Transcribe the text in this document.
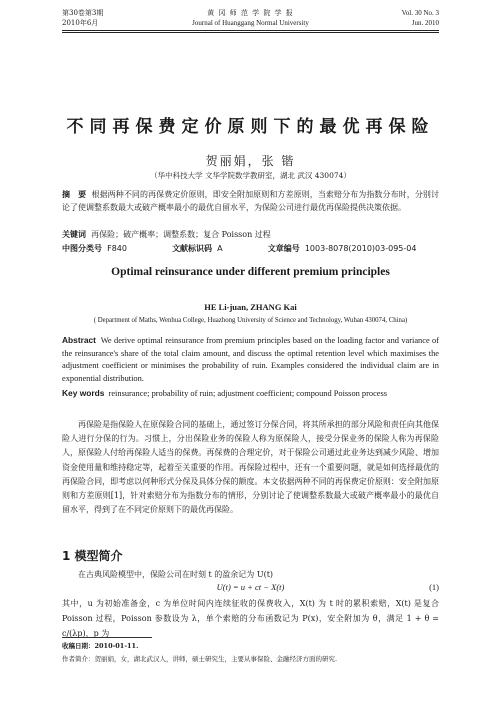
第30卷第3期
2010年6月
黄 冈 师 范 学 院 学 报
Journal of Huanggang Normal University
Vol. 30 No. 3
Jun. 2010
不同再保费定价原则下的最优再保险
贺丽娟，张 锴
（华中科技大学 文华学院数学教研室，湖北 武汉 430074）
摘　要 根据两种不同的再保费定价原则，即安全附加原则和方差原则，当索赔分布为指数分布时，分别讨论了使调整系数最大或破产概率最小的最优自留水平，为保险公司进行最优再保险提供决策依据。
关键词 再保险；破产概率；调整系数；复合 Poisson 过程
中图分类号 F840	文献标识码 A	文章编号 1003-8078(2010)03-095-04
Optimal reinsurance under different premium principles
HE Li-juan, ZHANG Kai
( Department of Maths, Wenhua College, Huazhong University of Science and Technology, Wuhan 430074, China)
Abstract We derive optimal reinsurance from premium principles based on the loading factor and variance of the reinsurance's share of the total claim amount, and discuss the optimal retention level which maximises the adjustment coefficient or minimises the probability of ruin. Examples considered the individual claim are in exponential distribution.
Key words reinsurance; probability of ruin; adjustment coefficient; compound Poisson process
再保险是指保险人在原保险合同的基础上，通过签订分保合同，将其所承担的部分风险和责任向其他保险人进行分保的行为。习惯上，分出保险业务的保险人称为原保险人，接受分保业务的保险人称为再保险人，原保险人付给再保险人适当的保费。再保费的合理定价，对于保险公司通过此业务达到减少风险、增加资金使用量和维持稳定等，起着至关重要的作用。再保险过程中，还有一个重要问题，就是如何选择最优的再保险合同，即考虑以何种形式分保及具体分保的额度。本文依据两种不同的再保费定价原则：安全附加原则和方差原则[1]，针对索赔分布为指数分布的情形，分别讨论了使调整系数最大或破产概率最小的最优自留水平，得到了在不同定价原则下的最优再保险。
1 模型简介
在古典风险模型中，保险公司在时刻 t 的盈余记为 U(t)
U(t) = u + ct − X(t)	(1)
其中，u 为初始准备金，c 为单位时间内连续征收的保费收入，X(t) 为 t 时的累积索赔，X(t) 是复合 Poisson 过程，Poisson 参数设为 λ，单个索赔的分布函数记为 P(x)，安全附加为 θ，满足 1 + θ = c/(λp)，p 为
收稿日期：2010-01-11.
作者简介：贺丽娟，女，湖北武汉人，讲师，硕士研究生，主要从事保险、金融经济方面的研究.
